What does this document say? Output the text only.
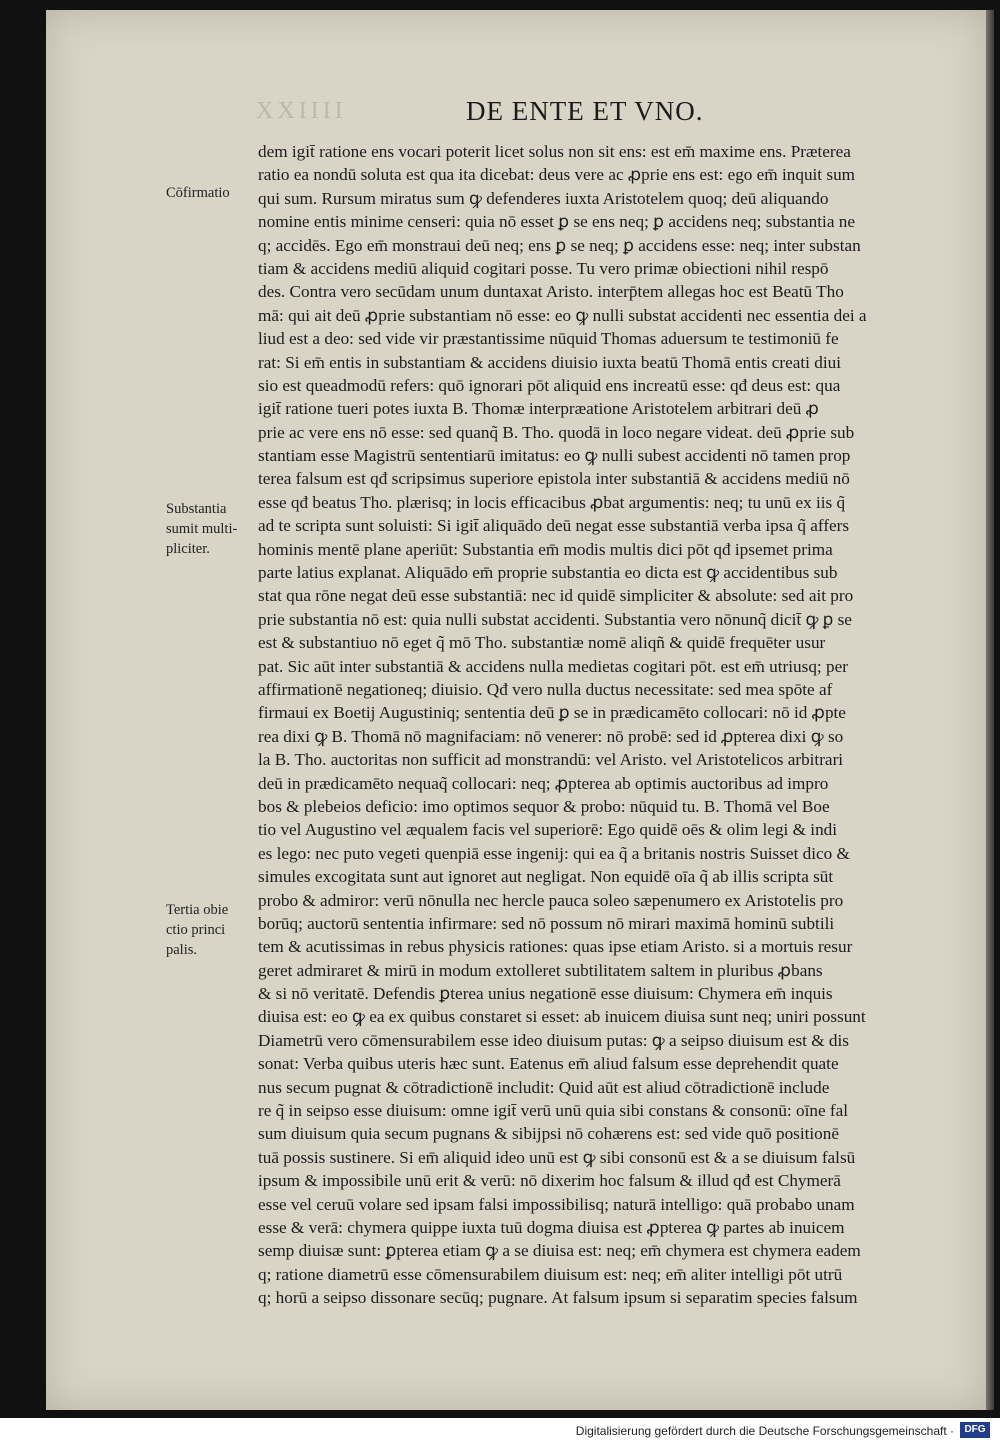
XXIIII	DE ENTE ET VNO.
Cōfirmatio
Substantia
sumit multi-
pliciter.
Tertia obie
ctio princi
palis.
dem igit̄ ratione ens vocari poterit licet solus non sit ens: est em̄ maxime ens. Præterea
ratio ea nondū soluta est qua ita dicebat: deus vere ac ꝓprie ens est: ego em̄ inquit sum
qui sum. Rursum miratus sum ꝙ defenderes iuxta Aristotelem quoq; deū aliquando
nomine entis minime censeri: quia nō esset ꝑ se ens neq; ꝑ accidens neq; substantia ne
q; accidēs. Ego em̄ monstraui deū neq; ens ꝑ se neq; ꝑ accidens esse: neq; inter substan
tiam & accidens mediū aliquid cogitari posse. Tu vero primæ obiectioni nihil respō
des. Contra vero secūdam unum duntaxat Aristo. interp̄tem allegas hoc est Beatū Tho
mā: qui ait deū ꝓprie substantiam nō esse: eo ꝙ nulli substat accidenti nec essentia dei a
liud est a deo: sed vide vir præstantissime nūquid Thomas aduersum te testimoniū fe
rat: Si em̄ entis in substantiam & accidens diuisio iuxta beatū Thomā entis creati diui
sio est queadmodū refers: quō ignorari pōt aliquid ens increatū esse: qđ deus est: qua
igit̄ ratione tueri potes iuxta B. Thomæ interpræatione Aristotelem arbitrari deū ꝓ
prie ac vere ens nō esse: sed quanq̃ B. Tho. quodā in loco negare videat. deū ꝓprie sub
stantiam esse Magistrū sententiarū imitatus: eo ꝙ nulli subest accidenti nō tamen prop
terea falsum est qđ scripsimus superiore epistola inter substantiā & accidens mediū nō
esse qđ beatus Tho. plærisq; in locis efficacibus ꝓbat argumentis: neq; tu unū ex iis q̃
ad te scripta sunt soluisti: Si igit̄ aliquādo deū negat esse substantiā verba ipsa q̃ affers
hominis mentē plane aperiūt: Substantia em̄ modis multis dici pōt qđ ipsemet prima
parte latius explanat. Aliquādo em̄ proprie substantia eo dicta est ꝙ accidentibus sub
stat qua rōne negat deū esse substantiā: nec id quidē simpliciter & absolute: sed ait pro
prie substantia nō est: quia nulli substat accidenti. Substantia vero nōnunq̃ dicit̄ ꝙ ꝑ se
est & substantiuo nō eget q̃ mō Tho. substantiæ nomē aliqñ & quidē frequēter usur
pat. Sic aūt inter substantiā & accidens nulla medietas cogitari pōt. est em̄ utriusq; per
affirmationē negationeq; diuisio. Qđ vero nulla ductus necessitate: sed mea spōte af
firmaui ex Boetij Augustiniq; sententia deū ꝑ se in prædicamēto collocari: nō id ꝓpte
rea dixi ꝙ B. Thomā nō magnifaciam: nō venerer: nō probē: sed id ꝓpterea dixi ꝙ so
la B. Tho. auctoritas non sufficit ad monstrandū: vel Aristo. vel Aristotelicos arbitrari
deū in prædicamēto nequaq̃ collocari: neq; ꝓpterea ab optimis auctoribus ad impro
bos & plebeios deficio: imo optimos sequor & probo: nūquid tu. B. Thomā vel Boe
tio vel Augustino vel æqualem facis vel superiorē: Ego quidē oēs & olim legi & indi
es lego: nec puto vegeti quenpiā esse ingenij: qui ea q̃ a britanis nostris Suisset dico &
simules excogitata sunt aut ignoret aut negligat. Non equidē oīa q̃ ab illis scripta sūt
probo & admiror: verū nōnulla nec hercle pauca soleo sæpenumero ex Aristotelis pro
borūq; auctorū sententia infirmare: sed nō possum nō mirari maximā hominū subtili
tem & acutissimas in rebus physicis rationes: quas ipse etiam Aristo. si a mortuis resur
geret admiraret & mirū in modum extolleret subtilitatem saltem in pluribus ꝓbans
& si nō veritatē. Defendis ꝑterea unius negationē esse diuisum: Chymera em̄ inquis
diuisa est: eo ꝙ ea ex quibus constaret si esset: ab inuicem diuisa sunt neq; uniri possunt
Diametrū vero cōmensurabilem esse ideo diuisum putas: ꝙ a seipso diuisum est & dis
sonat: Verba quibus uteris hæc sunt. Eatenus em̄ aliud falsum esse deprehendit quate
nus secum pugnat & cōtradictionē includit: Quid aūt est aliud cōtradictionē include
re q̃ in seipso esse diuisum: omne igit̄ verū unū quia sibi constans & consonū: oīne fal
sum diuisum quia secum pugnans & sibijpsi nō cohærens est: sed vide quō positionē
tuā possis sustinere. Si em̄ aliquid ideo unū est ꝙ sibi consonū est & a se diuisum falsū
ipsum & impossibile unū erit & verū: nō dixerim hoc falsum & illud qđ est Chymerā
esse vel ceruū volare sed ipsam falsi impossibilisq; naturā intelligo: quā probabo unam
esse & verā: chymera quippe iuxta tuū dogma diuisa est ꝓpterea ꝙ partes ab inuicem
semp diuisæ sunt: ꝑpterea etiam ꝙ a se diuisa est: neq; em̄ chymera est chymera eadem
q; ratione diametrū esse cōmensurabilem diuisum est: neq; em̄ aliter intelligi pōt utrū
q; horū a seipso dissonare secūq; pugnare. At falsum ipsum si separatim species falsum
Digitalisierung gefördert durch die Deutsche Forschungsgemeinschaft ·	DFG
